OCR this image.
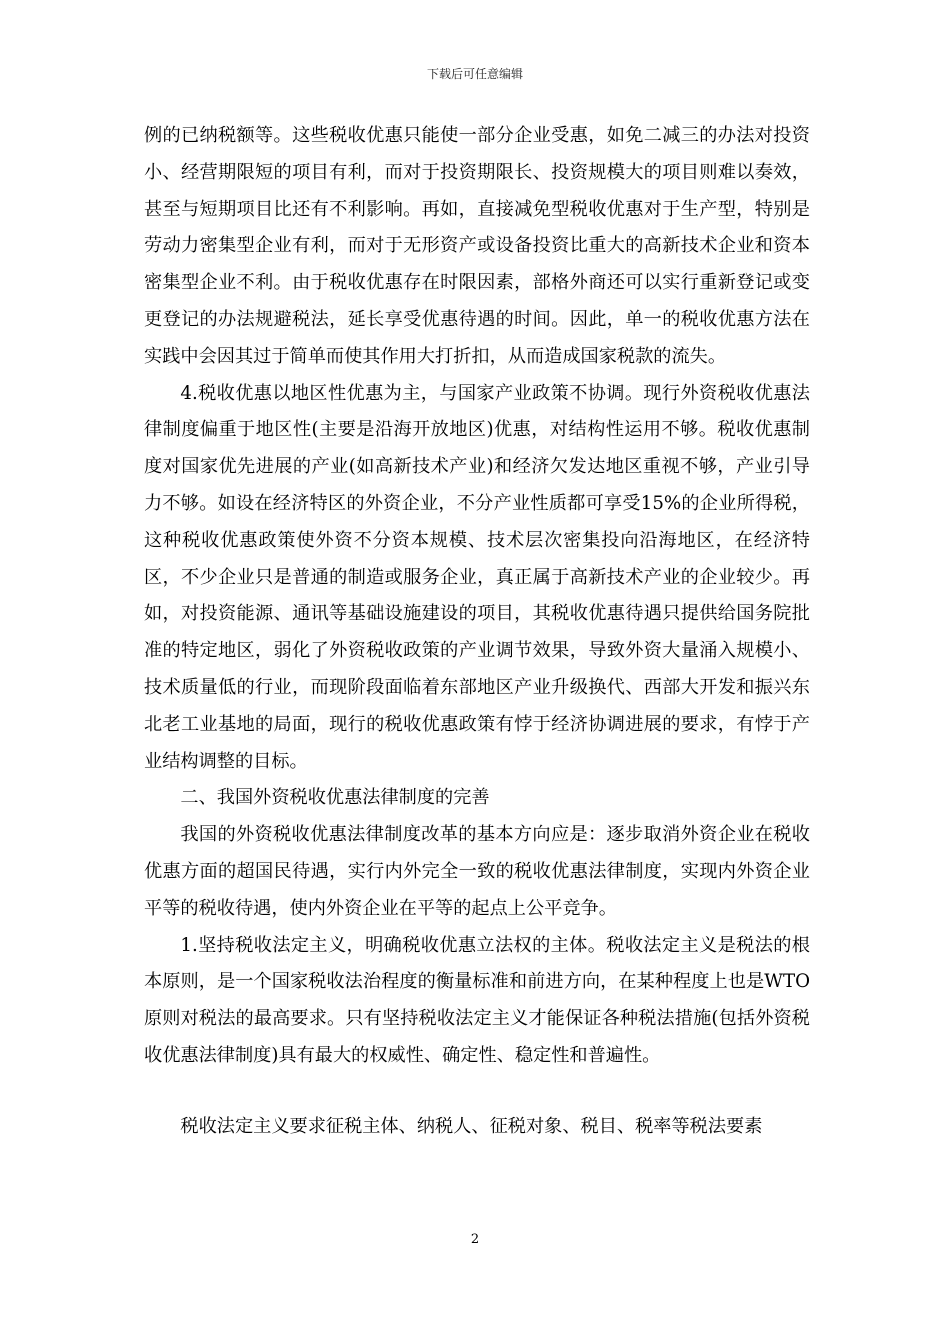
下载后可任意编辑

例的已纳税额等。这些税收优惠只能使一部分企业受惠，如免二减三的办法对投资小、经营期限短的项目有利，而对于投资期限长、投资规模大的项目则难以奏效，甚至与短期项目比还有不利影响。再如，直接减免型税收优惠对于生产型，特别是劳动力密集型企业有利，而对于无形资产或设备投资比重大的高新技术企业和资本密集型企业不利。由于税收优惠存在时限因素，部格外商还可以实行重新登记或变更登记的办法规避税法，延长享受优惠待遇的时间。因此，单一的税收优惠方法在实践中会因其过于简单而使其作用大打折扣，从而造成国家税款的流失。

4.税收优惠以地区性优惠为主，与国家产业政策不协调。现行外资税收优惠法律制度偏重于地区性(主要是沿海开放地区)优惠，对结构性运用不够。税收优惠制度对国家优先进展的产业(如高新技术产业)和经济欠发达地区重视不够，产业引导力不够。如设在经济特区的外资企业，不分产业性质都可享受15%的企业所得税，这种税收优惠政策使外资不分资本规模、技术层次密集投向沿海地区，在经济特区，不少企业只是普通的制造或服务企业，真正属于高新技术产业的企业较少。再如，对投资能源、通讯等基础设施建设的项目，其税收优惠待遇只提供给国务院批准的特定地区，弱化了外资税收政策的产业调节效果，导致外资大量涌入规模小、技术质量低的行业，而现阶段面临着东部地区产业升级换代、西部大开发和振兴东北老工业基地的局面，现行的税收优惠政策有悖于经济协调进展的要求，有悖于产业结构调整的目标。

二、我国外资税收优惠法律制度的完善

我国的外资税收优惠法律制度改革的基本方向应是：逐步取消外资企业在税收优惠方面的超国民待遇，实行内外完全一致的税收优惠法律制度，实现内外资企业平等的税收待遇，使内外资企业在平等的起点上公平竞争。

1.坚持税收法定主义，明确税收优惠立法权的主体。税收法定主义是税法的根本原则，是一个国家税收法治程度的衡量标准和前进方向，在某种程度上也是WTO原则对税法的最高要求。只有坚持税收法定主义才能保证各种税法措施(包括外资税收优惠法律制度)具有最大的权威性、确定性、稳定性和普遍性。

税收法定主义要求征税主体、纳税人、征税对象、税目、税率等税法要素

2
